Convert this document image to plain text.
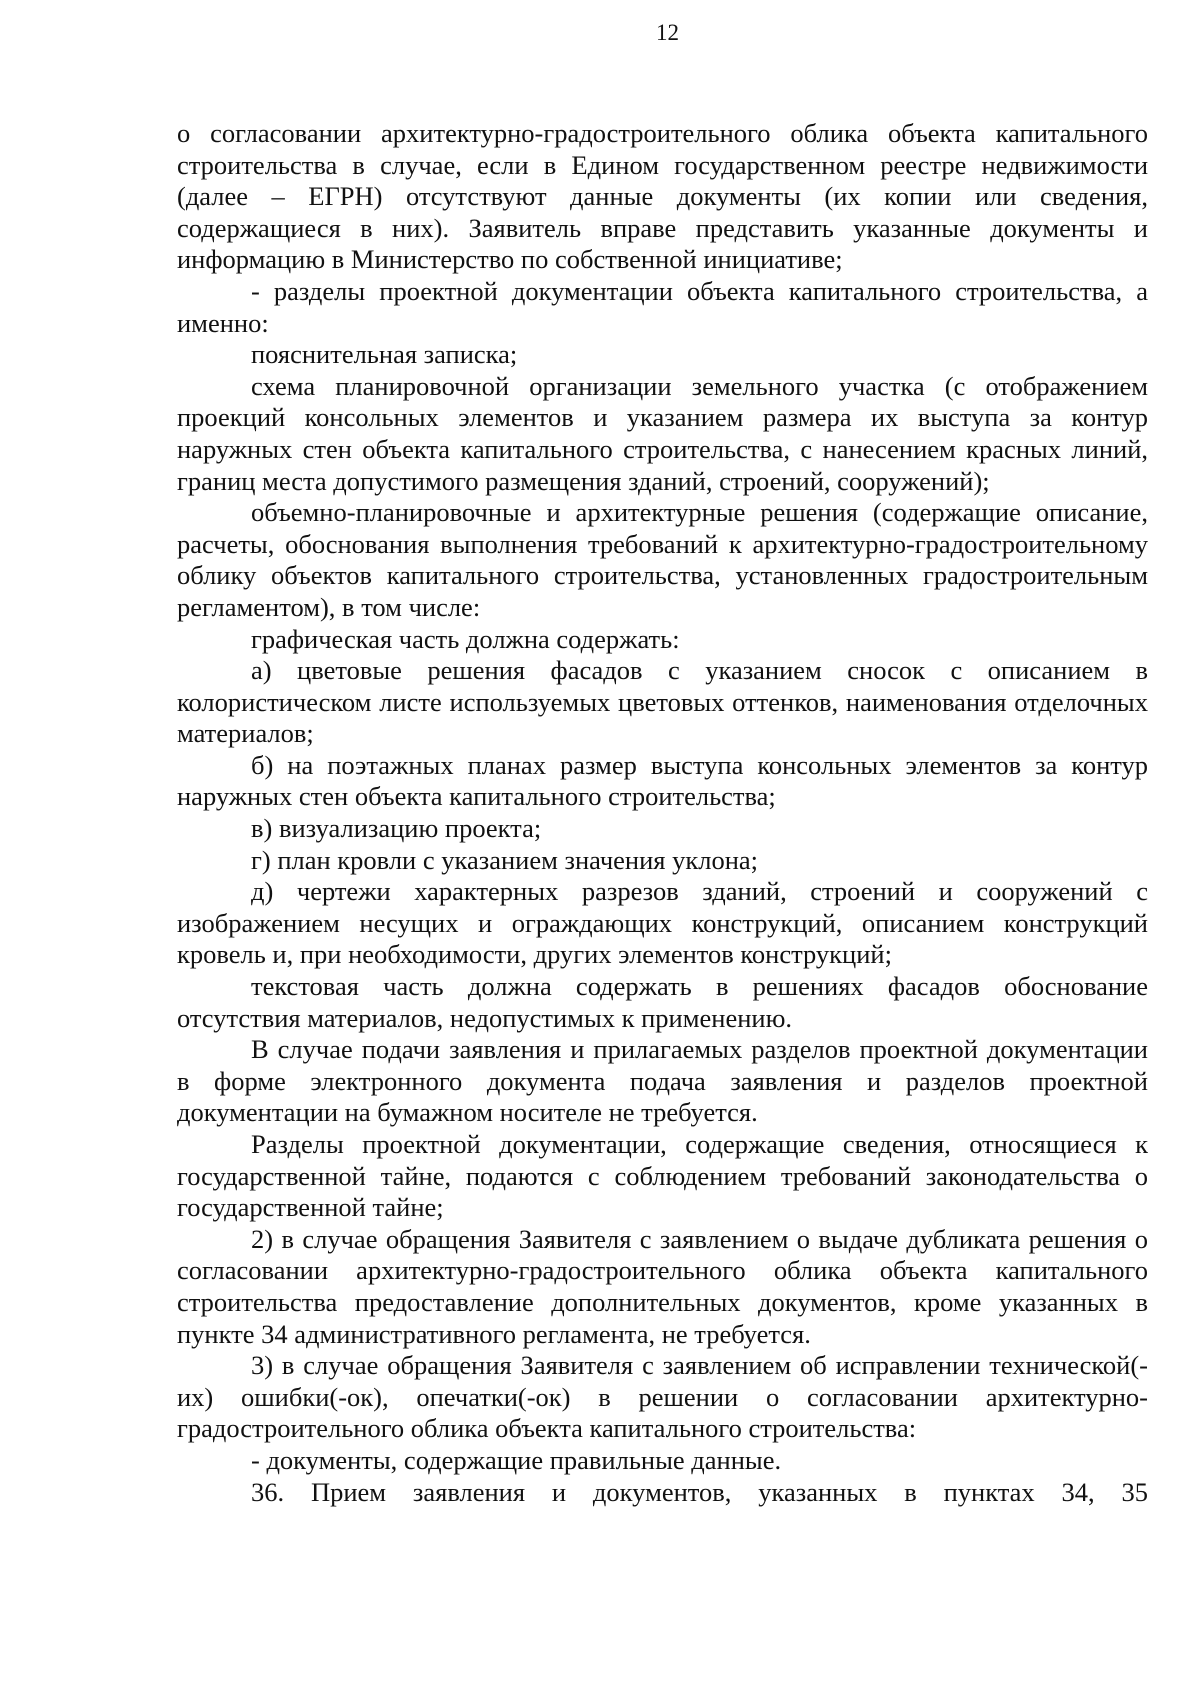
12

о согласовании архитектурно-градостроительного облика объекта капитального строительства в случае, если в Едином государственном реестре недвижимости (далее – ЕГРН) отсутствуют данные документы (их копии или сведения, содержащиеся в них). Заявитель вправе представить указанные документы и информацию в Министерство по собственной инициативе;

- разделы проектной документации объекта капитального строительства, а именно:

пояснительная записка;

схема планировочной организации земельного участка (с отображением проекций консольных элементов и указанием размера их выступа за контур наружных стен объекта капитального строительства, с нанесением красных линий, границ места допустимого размещения зданий, строений, сооружений);

объемно-планировочные и архитектурные решения (содержащие описание, расчеты, обоснования выполнения требований к архитектурно-градостроительному облику объектов капитального строительства, установленных градостроительным регламентом), в том числе:

графическая часть должна содержать:

а) цветовые решения фасадов с указанием сносок с описанием в колористическом листе используемых цветовых оттенков, наименования отделочных материалов;

б) на поэтажных планах размер выступа консольных элементов за контур наружных стен объекта капитального строительства;

в) визуализацию проекта;

г) план кровли с указанием значения уклона;

д) чертежи характерных разрезов зданий, строений и сооружений с изображением несущих и ограждающих конструкций, описанием конструкций кровель и, при необходимости, других элементов конструкций;

текстовая часть должна содержать в решениях фасадов обоснование отсутствия материалов, недопустимых к применению.

В случае подачи заявления и прилагаемых разделов проектной документации в форме электронного документа подача заявления и разделов проектной документации на бумажном носителе не требуется.

Разделы проектной документации, содержащие сведения, относящиеся к государственной тайне, подаются с соблюдением требований законодательства о государственной тайне;

2) в случае обращения Заявителя с заявлением о выдаче дубликата решения о согласовании архитектурно-градостроительного облика объекта капитального строительства предоставление дополнительных документов, кроме указанных в пункте 34 административного регламента, не требуется.

3) в случае обращения Заявителя с заявлением об исправлении технической(-их) ошибки(-ок), опечатки(-ок) в решении о согласовании архитектурно-градостроительного облика объекта капитального строительства:

- документы, содержащие правильные данные.

36. Прием заявления и документов, указанных в пунктах 34, 35
